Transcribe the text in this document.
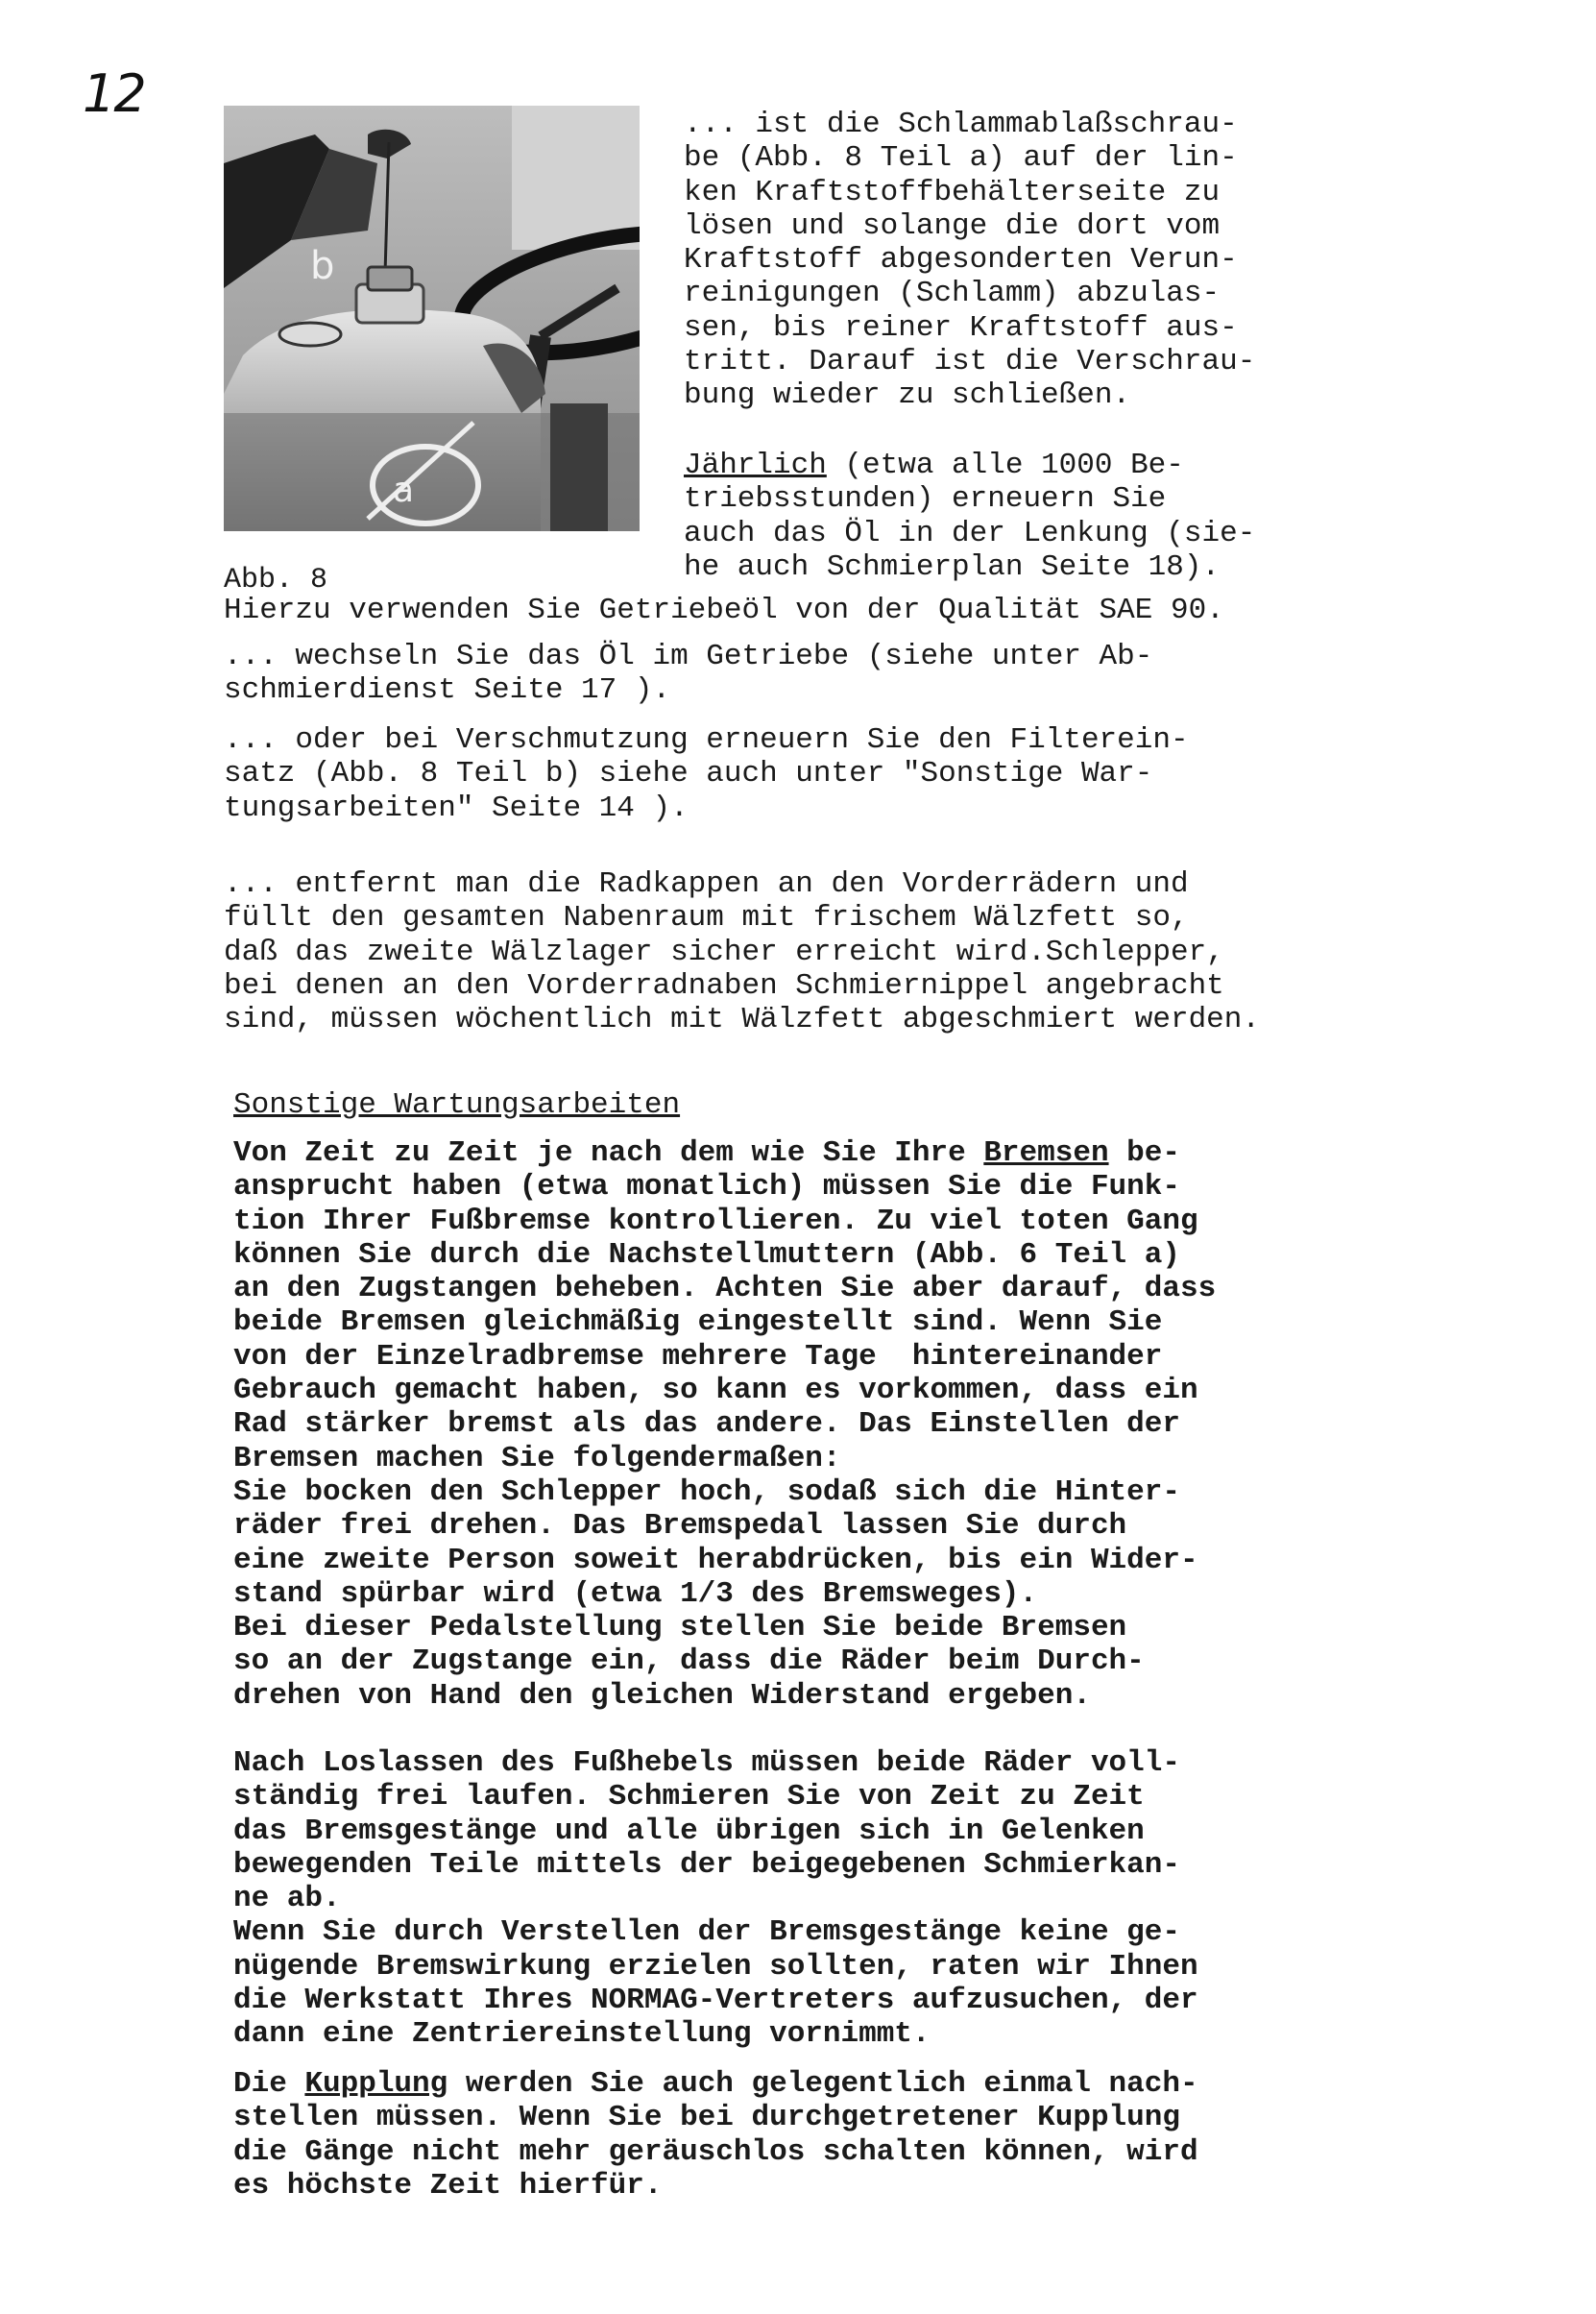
12
b
a
Abb. 8

... ist die Schlammablaßschrau-
be (Abb. 8 Teil a) auf der lin-
ken Kraftstoffbehälterseite zu
lösen und solange die dort vom
Kraftstoff abgesonderten Verun-
reinigungen (Schlamm) abzulas-
sen, bis reiner Kraftstoff aus-
tritt. Darauf ist die Verschrau-
bung wieder zu schließen.

Jährlich (etwa alle 1000 Be-
triebsstunden) erneuern Sie
auch das Öl in der Lenkung (sie-
he auch Schmierplan Seite 18).

Hierzu verwenden Sie Getriebeöl von der Qualität SAE 90.

... wechseln Sie das Öl im Getriebe (siehe unter Ab-
schmierdienst Seite 17 ).

... oder bei Verschmutzung erneuern Sie den Filterein-
satz (Abb. 8 Teil b) siehe auch unter "Sonstige War-
tungsarbeiten" Seite 14 ).

... entfernt man die Radkappen an den Vorderrädern und
füllt den gesamten Nabenraum mit frischem Wälzfett so,
daß das zweite Wälzlager sicher erreicht wird.Schlepper,
bei denen an den Vorderradnaben Schmiernippel angebracht
sind, müssen wöchentlich mit Wälzfett abgeschmiert werden.

Sonstige Wartungsarbeiten

Von Zeit zu Zeit je nach dem wie Sie Ihre Bremsen be-
ansprucht haben (etwa monatlich) müssen Sie die Funk-
tion Ihrer Fußbremse kontrollieren. Zu viel toten Gang
können Sie durch die Nachstellmuttern (Abb. 6 Teil a)
an den Zugstangen beheben. Achten Sie aber darauf, dass
beide Bremsen gleichmäßig eingestellt sind. Wenn Sie
von der Einzelradbremse mehrere Tage  hintereinander
Gebrauch gemacht haben, so kann es vorkommen, dass ein
Rad stärker bremst als das andere. Das Einstellen der
Bremsen machen Sie folgendermaßen:
Sie bocken den Schlepper hoch, sodaß sich die Hinter-
räder frei drehen. Das Bremspedal lassen Sie durch
eine zweite Person soweit herabdrücken, bis ein Wider-
stand spürbar wird (etwa 1/3 des Bremsweges).
Bei dieser Pedalstellung stellen Sie beide Bremsen
so an der Zugstange ein, dass die Räder beim Durch-
drehen von Hand den gleichen Widerstand ergeben.

Nach Loslassen des Fußhebels müssen beide Räder voll-
ständig frei laufen. Schmieren Sie von Zeit zu Zeit
das Bremsgestänge und alle übrigen sich in Gelenken
bewegenden Teile mittels der beigegebenen Schmierkan-
ne ab.
Wenn Sie durch Verstellen der Bremsgestänge keine ge-
nügende Bremswirkung erzielen sollten, raten wir Ihnen
die Werkstatt Ihres NORMAG-Vertreters aufzusuchen, der
dann eine Zentriereinstellung vornimmt.

Die Kupplung werden Sie auch gelegentlich einmal nach-
stellen müssen. Wenn Sie bei durchgetretener Kupplung
die Gänge nicht mehr geräuschlos schalten können, wird
es höchste Zeit hierfür.
